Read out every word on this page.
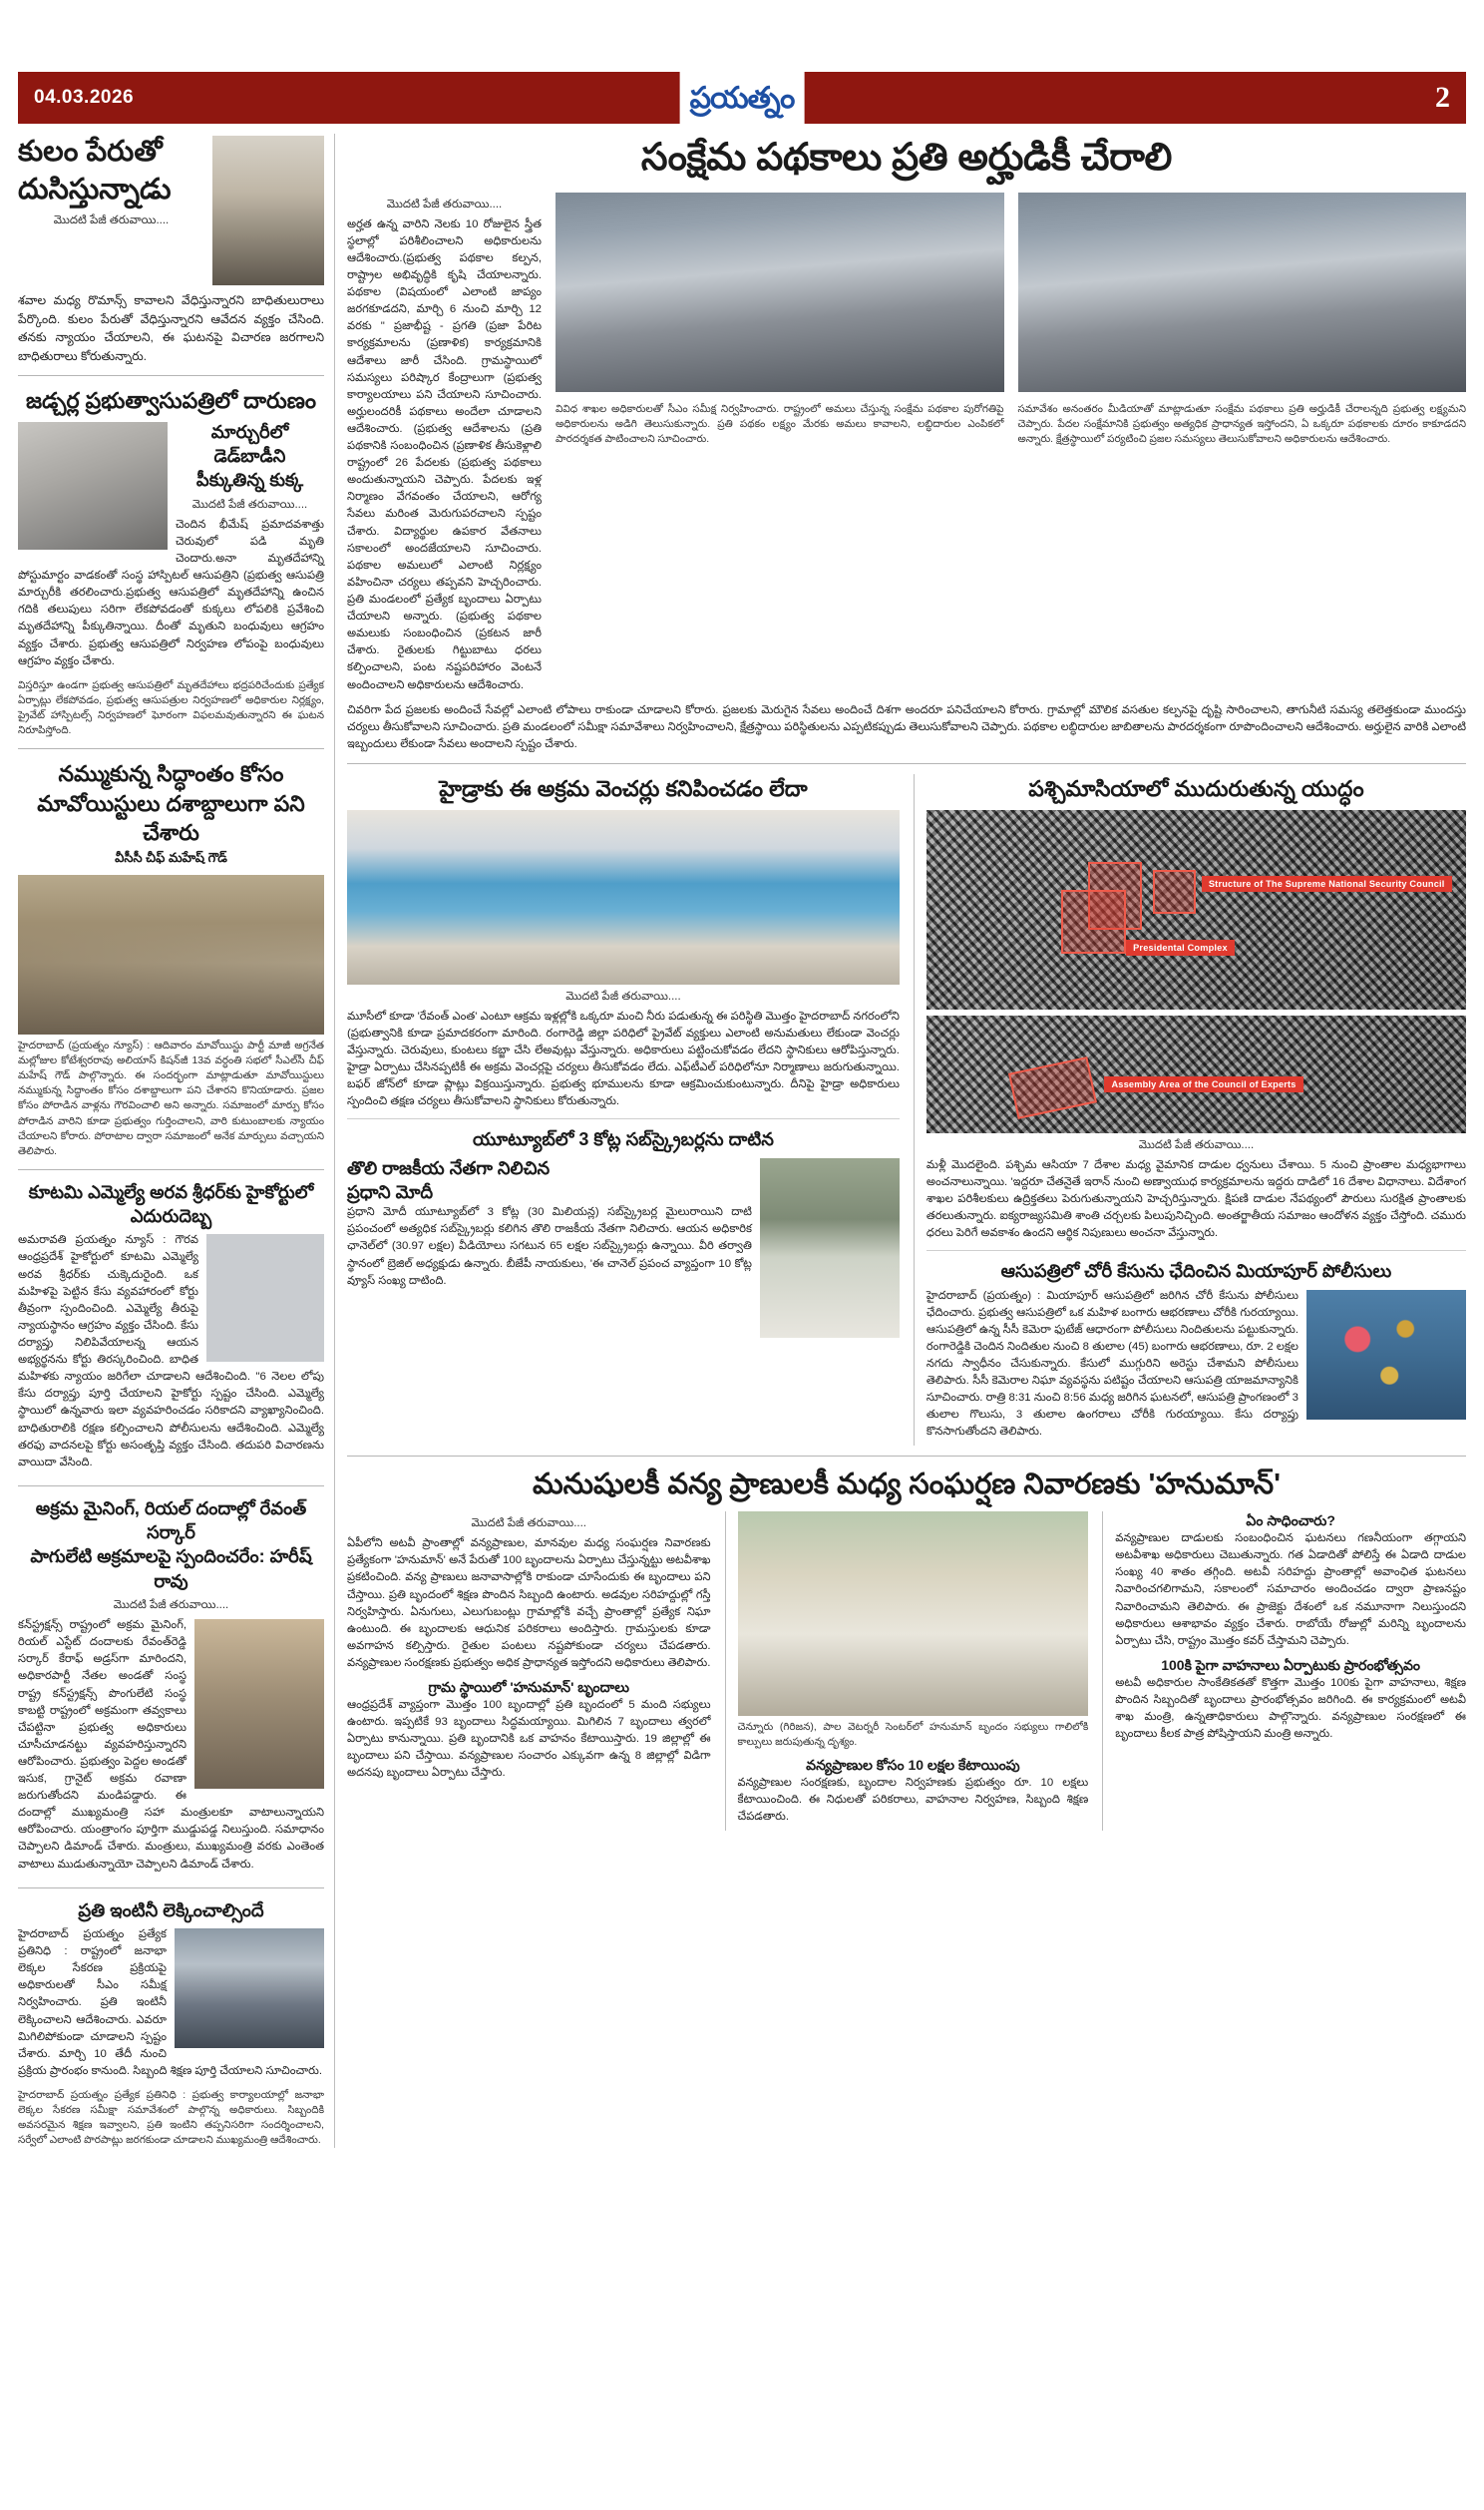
04.03.2026	ప్రయత్నం	2
కులం పేరుతో
దుసిస్తున్నాడు
మొదటి పేజీ తరువాయి....

శవాల మధ్య రొమాన్స్ కావాలని వేధిస్తున్నారని బాధితులురాలు పేర్కొంది. కులం పేరుతో వేధిస్తున్నారని ఆవేదన వ్యక్తం చేసింది. తనకు న్యాయం చేయాలని, ఈ ఘటనపై విచారణ జరగాలని బాధితురాలు కోరుతున్నారు.

జడ్చర్ల ప్రభుత్వాసుపత్రిలో దారుణం
మార్చురీలో డెడ్‌బాడీని
పీక్కుతిన్న కుక్క
మొదటి పేజీ తరువాయి....

చెందిన భీమేష్ ప్రమాదవశాత్తు చెరువులో పడి మృతి చెందారు.అనా మృతదేహాన్ని పోస్టుమార్టం వాడకంతో సంస్థ హాస్పిటల్ ఆసుపత్రిని (ప్రభుత్వ ఆసుపత్రి మార్చురీకి తరలించారు.ప్రభుత్వ ఆసుపత్రిలో మృతదేహాన్ని ఉంచిన గదికి తలుపులు సరిగా లేకపోవడంతో కుక్కలు లోపలికి ప్రవేశించి మృతదేహాన్ని పీక్కుతిన్నాయి. దీంతో మృతుని బంధువులు ఆగ్రహం వ్యక్తం చేశారు. ప్రభుత్వ ఆసుపత్రిలో నిర్వహణ లోపంపై బంధువులు ఆగ్రహం వ్యక్తం చేశారు.

విస్తరిస్తూ ఉండగా ప్రభుత్వ ఆసుపత్రిలో మృతదేహాలు భద్రపరిచేందుకు ప్రత్యేక ఏర్పాట్లు లేకపోవడం, ప్రభుత్వ ఆసుపత్రుల నిర్వహణలో అధికారుల నిర్లక్ష్యం, ప్రైవేట్ హాస్పిటల్స్ నిర్వహణలో ఘోరంగా విఫలమవుతున్నారని ఈ ఘటన నిరూపిస్తోంది.

నమ్ముకున్న సిద్ధాంతం కోసం
మావోయిస్టులు దశాబ్దాలుగా పని చేశారు
వీసీసీ చీఫ్ మహేష్ గౌడ్

హైదరాబాద్ (ప్రయత్నం న్యూస్) : ఆదివారం మావోయిస్టు పార్టీ మాజీ అగ్రనేత మల్లోజుల కోటేశ్వరరావు అలియాస్ కిషన్‌జీ 13వ వర్ధంతి సభలో సీఎల్‌సీ చీఫ్ మహేష్ గౌడ్ పాల్గొన్నారు. ఈ సందర్భంగా మాట్లాడుతూ మావోయిస్టులు నమ్ముకున్న సిద్ధాంతం కోసం దశాబ్దాలుగా పని చేశారని కొనియాడారు. ప్రజల కోసం పోరాడిన వాళ్లను గౌరవించాలి అని అన్నారు. సమాజంలో మార్పు కోసం పోరాడిన వారిని కూడా ప్రభుత్వం గుర్తించాలని, వారి కుటుంబాలకు న్యాయం చేయాలని కోరారు. పోరాటాల ద్వారా సమాజంలో అనేక మార్పులు వచ్చాయని తెలిపారు.

కూటమి ఎమ్మెల్యే అరవ శ్రీధర్‌కు హైకోర్టులో ఎదురుదెబ్బ

అమరావతి ప్రయత్నం న్యూస్ : గౌరవ ఆంధ్రప్రదేశ్ హైకోర్టులో కూటమి ఎమ్మెల్యే అరవ శ్రీధర్‌కు చుక్కెదురైంది. ఒక మహిళపై పెట్టిన కేసు వ్యవహారంలో కోర్టు తీవ్రంగా స్పందించింది. ఎమ్మెల్యే తీరుపై న్యాయస్థానం ఆగ్రహం వ్యక్తం చేసింది. కేసు దర్యాప్తు నిలిపివేయాలన్న ఆయన అభ్యర్థనను కోర్టు తిరస్కరించింది. బాధిత మహిళకు న్యాయం జరిగేలా చూడాలని ఆదేశించింది. "6 నెలల లోపు కేసు దర్యాప్తు పూర్తి చేయాలని హైకోర్టు స్పష్టం చేసింది. ఎమ్మెల్యే స్థాయిలో ఉన్నవారు ఇలా వ్యవహరించడం సరికాదని వ్యాఖ్యానించింది. బాధితురాలికి రక్షణ కల్పించాలని పోలీసులను ఆదేశించింది. ఎమ్మెల్యే తరఫు వాదనలపై కోర్టు అసంతృప్తి వ్యక్తం చేసింది. తదుపరి విచారణను వాయిదా వేసింది.

అక్రమ మైనింగ్, రియల్ దందాల్లో రేవంత్ సర్కార్
పాగులేటి అక్రమాలపై స్పందించరేం: హరీష్ రావు
మొదటి పేజీ తరువాయి....

కన్‌స్ట్రక్షన్స్ రాష్ట్రంలో అక్రమ మైనింగ్, రియల్ ఎస్టేట్ దందాలకు రేవంత్‌రెడ్డి సర్కార్ కేరాఫ్ అడ్రస్‌గా మారిందని, అధికారపార్టీ నేతల అండతో సంస్థ రాష్ట్ర కన్‌స్ట్రక్షన్స్ పొంగులేటి సంస్థ కాబట్టి రాష్ట్రంలో అక్రమంగా తవ్వకాలు చేపట్టినా ప్రభుత్వ అధికారులు చూసీచూడనట్టు వ్యవహరిస్తున్నారని ఆరోపించారు. ప్రభుత్వం పెద్దల అండతో ఇసుక, గ్రానైట్ అక్రమ రవాణా జరుగుతోందని మండిపడ్డారు. ఈ దందాల్లో ముఖ్యమంత్రి సహా మంత్రులకూ వాటాలున్నాయని ఆరోపించారు. యంత్రాంగం పూర్తిగా ముడ్డుపడ్డ నిలుస్తుంది. సమాధానం చెప్పాలని డిమాండ్ చేశారు. మంత్రులు, ముఖ్యమంత్రి వరకు ఎంతెంత వాటాలు ముడుతున్నాయో చెప్పాలని డిమాండ్ చేశారు.

ప్రతి ఇంటినీ లెక్కించాల్సిందే

హైదరాబాద్ ప్రయత్నం ప్రత్యేక ప్రతినిధి : రాష్ట్రంలో జనాభా లెక్కల సేకరణ ప్రక్రియపై అధికారులతో సీఎం సమీక్ష నిర్వహించారు. ప్రతి ఇంటినీ లెక్కించాలని ఆదేశించారు. ఎవరూ మిగిలిపోకుండా చూడాలని స్పష్టం చేశారు. మార్చి 10 తేదీ నుంచి ప్రక్రియ ప్రారంభం కానుంది. సిబ్బంది శిక్షణ పూర్తి చేయాలని సూచించారు.

హైదరాబాద్ ప్రయత్నం ప్రత్యేక ప్రతినిధి : ప్రభుత్వ కార్యాలయాల్లో జనాభా లెక్కల సేకరణ సమీక్షా సమావేశంలో పాల్గొన్న అధికారులు. సిబ్బందికి అవసరమైన శిక్షణ ఇవ్వాలని, ప్రతి ఇంటిని తప్పనిసరిగా సందర్శించాలని, సర్వేలో ఎలాంటి పొరపాట్లు జరగకుండా చూడాలని ముఖ్యమంత్రి ఆదేశించారు.

సంక్షేమ పథకాలు ప్రతి అర్హుడికీ చేరాలి
మొదటి పేజీ తరువాయి....

అర్హత ఉన్న వారిని నెలకు 10 రోజులైన స్త్రీత స్థలాల్లో పరిశీలించాలని అధికారులను ఆదేశించారు.(ప్రభుత్వ పథకాల కల్పన, రాష్ట్రాల అభివృద్ధికి కృషి చేయాలన్నారు. పథకాల (విషయంలో ఎలాంటి జాప్యం జరగకూడదని, మార్చి 6 నుంచి మార్చి 12 వరకు " ప్రజాభీష్ట - ప్రగతి (ప్రజా పేరిట కార్యక్రమాలను (ప్రణాళిక) కార్యక్రమానికి ఆదేశాలు జారీ చేసింది. గ్రామస్థాయిలో సమస్యలు పరిష్కార కేంద్రాలుగా (ప్రభుత్వ కార్యాలయాలు పని చేయాలని సూచించారు. అర్హులందరికీ పథకాలు అందేలా చూడాలని ఆదేశించారు. (ప్రభుత్వ ఆదేశాలను (ప్రతి పథకానికి సంబంధించిన (ప్రణాళిక తీసుకెళ్లాలి రాష్ట్రంలో 26 పేదలకు (ప్రభుత్వ పథకాలు అందుతున్నాయని చెప్పారు. పేదలకు ఇళ్ల నిర్మాణం వేగవంతం చేయాలని, ఆరోగ్య సేవలు మరింత మెరుగుపరచాలని స్పష్టం చేశారు. విద్యార్థుల ఉపకార వేతనాలు సకాలంలో అందజేయాలని సూచించారు. పథకాల అమలులో ఎలాంటి నిర్లక్ష్యం వహించినా చర్యలు తప్పవని హెచ్చరించారు. ప్రతి మండలంలో ప్రత్యేక బృందాలు ఏర్పాటు చేయాలని అన్నారు. (ప్రభుత్వ పథకాల అమలుకు సంబంధించిన (ప్రకటన జారీ చేశారు. రైతులకు గిట్టుబాటు ధరలు కల్పించాలని, పంట నష్టపరిహారం వెంటనే అందించాలని అధికారులను ఆదేశించారు.

వివిధ శాఖల అధికారులతో సీఎం సమీక్ష నిర్వహించారు. రాష్ట్రంలో అమలు చేస్తున్న సంక్షేమ పథకాల పురోగతిపై అధికారులను అడిగి తెలుసుకున్నారు. ప్రతి పథకం లక్ష్యం మేరకు అమలు కావాలని, లబ్ధిదారుల ఎంపికలో పారదర్శకత పాటించాలని సూచించారు.

సమావేశం అనంతరం మీడియాతో మాట్లాడుతూ సంక్షేమ పథకాలు ప్రతి అర్హుడికీ చేరాలన్నది ప్రభుత్వ లక్ష్యమని చెప్పారు. పేదల సంక్షేమానికి ప్రభుత్వం అత్యధిక ప్రాధాన్యత ఇస్తోందని, ఏ ఒక్కరూ పథకాలకు దూరం కాకూడదని అన్నారు. క్షేత్రస్థాయిలో పర్యటించి ప్రజల సమస్యలు తెలుసుకోవాలని అధికారులను ఆదేశించారు.

చివరిగా పేద ప్రజలకు అందించే సేవల్లో ఎలాంటి లోపాలు రాకుండా చూడాలని కోరారు. ప్రజలకు మెరుగైన సేవలు అందించే దిశగా అందరూ పనిచేయాలని కోరారు. గ్రామాల్లో మౌలిక వసతుల కల్పనపై దృష్టి సారించాలని, తాగునీటి సమస్య తలెత్తకుండా ముందస్తు చర్యలు తీసుకోవాలని సూచించారు. ప్రతి మండలంలో సమీక్షా సమావేశాలు నిర్వహించాలని, క్షేత్రస్థాయి పరిస్థితులను ఎప్పటికప్పుడు తెలుసుకోవాలని చెప్పారు. పథకాల లబ్ధిదారుల జాబితాలను పారదర్శకంగా రూపొందించాలని ఆదేశించారు. అర్హులైన వారికి ఎలాంటి ఇబ్బందులు లేకుండా సేవలు అందాలని స్పష్టం చేశారు.

హైడ్రాకు ఈ అక్రమ వెంచర్లు కనిపించడం లేదా
మొదటి పేజీ తరువాయి....

మూసీలో కూడా 'రేవంత్ ఎంత' ఎంటూ ఆక్రమ ఇళ్లల్లోకి ఒక్కరూ మంచి నీరు పడుతున్న ఈ పరిస్థితి మొత్తం హైదరాబాద్ నగరంలోని (ప్రభుత్వానికి కూడా ప్రమాదకరంగా మారింది. రంగారెడ్డి జిల్లా పరిధిలో ప్రైవేట్ వ్యక్తులు ఎలాంటి అనుమతులు లేకుండా వెంచర్లు వేస్తున్నారు. చెరువులు, కుంటలు కబ్జా చేసి లేఅవుట్లు వేస్తున్నారు. అధికారులు పట్టించుకోవడం లేదని స్థానికులు ఆరోపిస్తున్నారు. హైడ్రా ఏర్పాటు చేసినప్పటికీ ఈ అక్రమ వెంచర్లపై చర్యలు తీసుకోవడం లేదు. ఎఫ్‌టీఎల్ పరిధిలోనూ నిర్మాణాలు జరుగుతున్నాయి. బఫర్ జోన్‌లో కూడా ప్లాట్లు విక్రయిస్తున్నారు. ప్రభుత్వ భూములను కూడా ఆక్రమించుకుంటున్నారు. దీనిపై హైడ్రా అధికారులు స్పందించి తక్షణ చర్యలు తీసుకోవాలని స్థానికులు కోరుతున్నారు.

యూట్యూబ్‌లో 3 కోట్ల సబ్‌స్క్రైబర్లను దాటిన
తొలి రాజకీయ నేతగా నిలిచిన
ప్రధాని మోదీ

ప్రధాని మోదీ యూట్యూబ్‌లో 3 కోట్ల (30 మిలియన్ల) సబ్‌స్క్రైబర్ల మైలురాయిని దాటి ప్రపంచంలో అత్యధిక సబ్‌స్క్రైబర్లు కలిగిన తొలి రాజకీయ నేతగా నిలిచారు. ఆయన అధికారిక ఛానెల్‌లో (30.97 లక్షల) వీడియోలు సగటున 65 లక్షల సబ్‌స్క్రైబర్లు ఉన్నాయి. వీరి తర్వాతి స్థానంలో బ్రెజిల్ అధ్యక్షుడు ఉన్నారు. బీజేపీ నాయకులు, 'ఈ చానెల్ ప్రపంచ వ్యాప్తంగా 10 కోట్ల వ్యూస్ సంఖ్య దాటింది.

పశ్చిమాసియాలో ముదురుతున్న యుద్ధం
Structure of The Supreme National Security Council
Presidental Complex
Assembly Area of the Council of Experts
మొదటి పేజీ తరువాయి....

మళ్లీ మొదలైంది. పశ్చిమ ఆసియా 7 దేశాల మధ్య వైమానిక దాడుల ధ్వనులు చేశాయి. 5 నుంచి ప్రాంతాల మధ్యభాగాలు అంచనాలున్నాయి. 'ఇద్దరూ చేతనైతే ఇరాన్ నుంచి అణ్వాయుధ కార్యక్రమాలను ఇద్దరు దాడిలో 16 దేశాల విధానాలు. విదేశాంగ శాఖల పరిశీలకులు ఉద్రిక్తతలు పెరుగుతున్నాయని హెచ్చరిస్తున్నారు. క్షిపణి దాడుల నేపథ్యంలో పౌరులు సురక్షిత ప్రాంతాలకు తరలుతున్నారు. ఐక్యరాజ్యసమితి శాంతి చర్చలకు పిలుపునిచ్చింది. అంతర్జాతీయ సమాజం ఆందోళన వ్యక్తం చేస్తోంది. చమురు ధరలు పెరిగే అవకాశం ఉందని ఆర్థిక నిపుణులు అంచనా వేస్తున్నారు.

ఆసుపత్రిలో చోరీ కేసును ఛేదించిన మియాపూర్ పోలీసులు

హైదరాబాద్ (ప్రయత్నం) : మియాపూర్ ఆసుపత్రిలో జరిగిన చోరీ కేసును పోలీసులు ఛేదించారు. ప్రభుత్వ ఆసుపత్రిలో ఒక మహిళ బంగారు ఆభరణాలు చోరీకి గురయ్యాయి. ఆసుపత్రిలో ఉన్న సీసీ కెమెరా ఫుటేజ్ ఆధారంగా పోలీసులు నిందితులను పట్టుకున్నారు. రంగారెడ్డికి చెందిన నిందితుల నుంచి 8 తులాల (45) బంగారు ఆభరణాలు, రూ. 2 లక్షల నగదు స్వాధీనం చేసుకున్నారు. కేసులో ముగ్గురిని అరెస్టు చేశామని పోలీసులు తెలిపారు. సీసీ కెమెరాల నిఘా వ్యవస్థను పటిష్టం చేయాలని ఆసుపత్రి యాజమాన్యానికి సూచించారు. రాత్రి 8:31 నుంచి 8:56 మధ్య జరిగిన ఘటనలో, ఆసుపత్రి ప్రాంగణంలో 3 తులాల గొలుసు, 3 తులాల ఉంగరాలు చోరీకి గురయ్యాయి. కేసు దర్యాప్తు కొనసాగుతోందని తెలిపారు.

మనుషులకీ వన్య ప్రాణులకీ మధ్య సంఘర్షణ నివారణకు 'హనుమాన్'
మొదటి పేజీ తరువాయి....

ఏపీలోని అటవీ ప్రాంతాల్లో వన్యప్రాణుల, మానవుల మధ్య సంఘర్షణ నివారణకు ప్రత్యేకంగా 'హనుమాన్' అనే పేరుతో 100 బృందాలను ఏర్పాటు చేస్తున్నట్టు అటవీశాఖ ప్రకటించింది. వన్య ప్రాణులు జనావాసాల్లోకి రాకుండా చూసేందుకు ఈ బృందాలు పని చేస్తాయి. ప్రతి బృందంలో శిక్షణ పొందిన సిబ్బంది ఉంటారు. అడవుల సరిహద్దుల్లో గస్తీ నిర్వహిస్తారు. ఏనుగులు, ఎలుగుబంట్లు గ్రామాల్లోకి వచ్చే ప్రాంతాల్లో ప్రత్యేక నిఘా ఉంటుంది. ఈ బృందాలకు ఆధునిక పరికరాలు అందిస్తారు. గ్రామస్తులకు కూడా అవగాహన కల్పిస్తారు. రైతుల పంటలు నష్టపోకుండా చర్యలు చేపడతారు. వన్యప్రాణుల సంరక్షణకు ప్రభుత్వం అధిక ప్రాధాన్యత ఇస్తోందని అధికారులు తెలిపారు.

గ్రామ స్థాయిలో 'హనుమాన్' బృందాలు

ఆంధ్రప్రదేశ్ వ్యాప్తంగా మొత్తం 100 బృందాల్లో ప్రతి బృందంలో 5 మంది సభ్యులు ఉంటారు. ఇప్పటికే 93 బృందాలు సిద్ధమయ్యాయి. మిగిలిన 7 బృందాలు త్వరలో ఏర్పాటు కానున్నాయి. ప్రతి బృందానికి ఒక వాహనం కేటాయిస్తారు. 19 జిల్లాల్లో ఈ బృందాలు పని చేస్తాయి. వన్యప్రాణుల సంచారం ఎక్కువగా ఉన్న 8 జిల్లాల్లో విడిగా అదనపు బృందాలు ఏర్పాటు చేస్తారు.

చెన్నూరు (గిరిజన), పాల వెటర్నరీ సెంటర్‌లో హనుమాన్ బృందం సభ్యులు గాలిలోకి కాల్పులు జరుపుతున్న దృశ్యం.

వన్యప్రాణుల కోసం 10 లక్షల కేటాయింపు

వన్యప్రాణుల సంరక్షణకు, బృందాల నిర్వహణకు ప్రభుత్వం రూ. 10 లక్షలు కేటాయించింది. ఈ నిధులతో పరికరాలు, వాహనాల నిర్వహణ, సిబ్బంది శిక్షణ చేపడతారు.

ఏం సాధించారు?

వన్యప్రాణుల దాడులకు సంబంధించిన ఘటనలు గణనీయంగా తగ్గాయని అటవీశాఖ అధికారులు చెబుతున్నారు. గత ఏడాదితో పోలిస్తే ఈ ఏడాది దాడుల సంఖ్య 40 శాతం తగ్గింది. అటవీ సరిహద్దు ప్రాంతాల్లో అవాంఛిత ఘటనలు నివారించగలిగామని, సకాలంలో సమాచారం అందించడం ద్వారా ప్రాణనష్టం నివారించామని తెలిపారు. ఈ ప్రాజెక్టు దేశంలో ఒక నమూనాగా నిలుస్తుందని అధికారులు ఆశాభావం వ్యక్తం చేశారు. రాబోయే రోజుల్లో మరిన్ని బృందాలను ఏర్పాటు చేసి, రాష్ట్రం మొత్తం కవర్ చేస్తామని చెప్పారు.

100కి పైగా వాహనాలు ఏర్పాటుకు ప్రారంభోత్సవం

అటవీ అధికారుల సాంకేతికతతో కొత్తగా మొత్తం 100కు పైగా వాహనాలు, శిక్షణ పొందిన సిబ్బందితో బృందాలు ప్రారంభోత్సవం జరిగింది. ఈ కార్యక్రమంలో అటవీ శాఖ మంత్రి, ఉన్నతాధికారులు పాల్గొన్నారు. వన్యప్రాణుల సంరక్షణలో ఈ బృందాలు కీలక పాత్ర పోషిస్తాయని మంత్రి అన్నారు.
